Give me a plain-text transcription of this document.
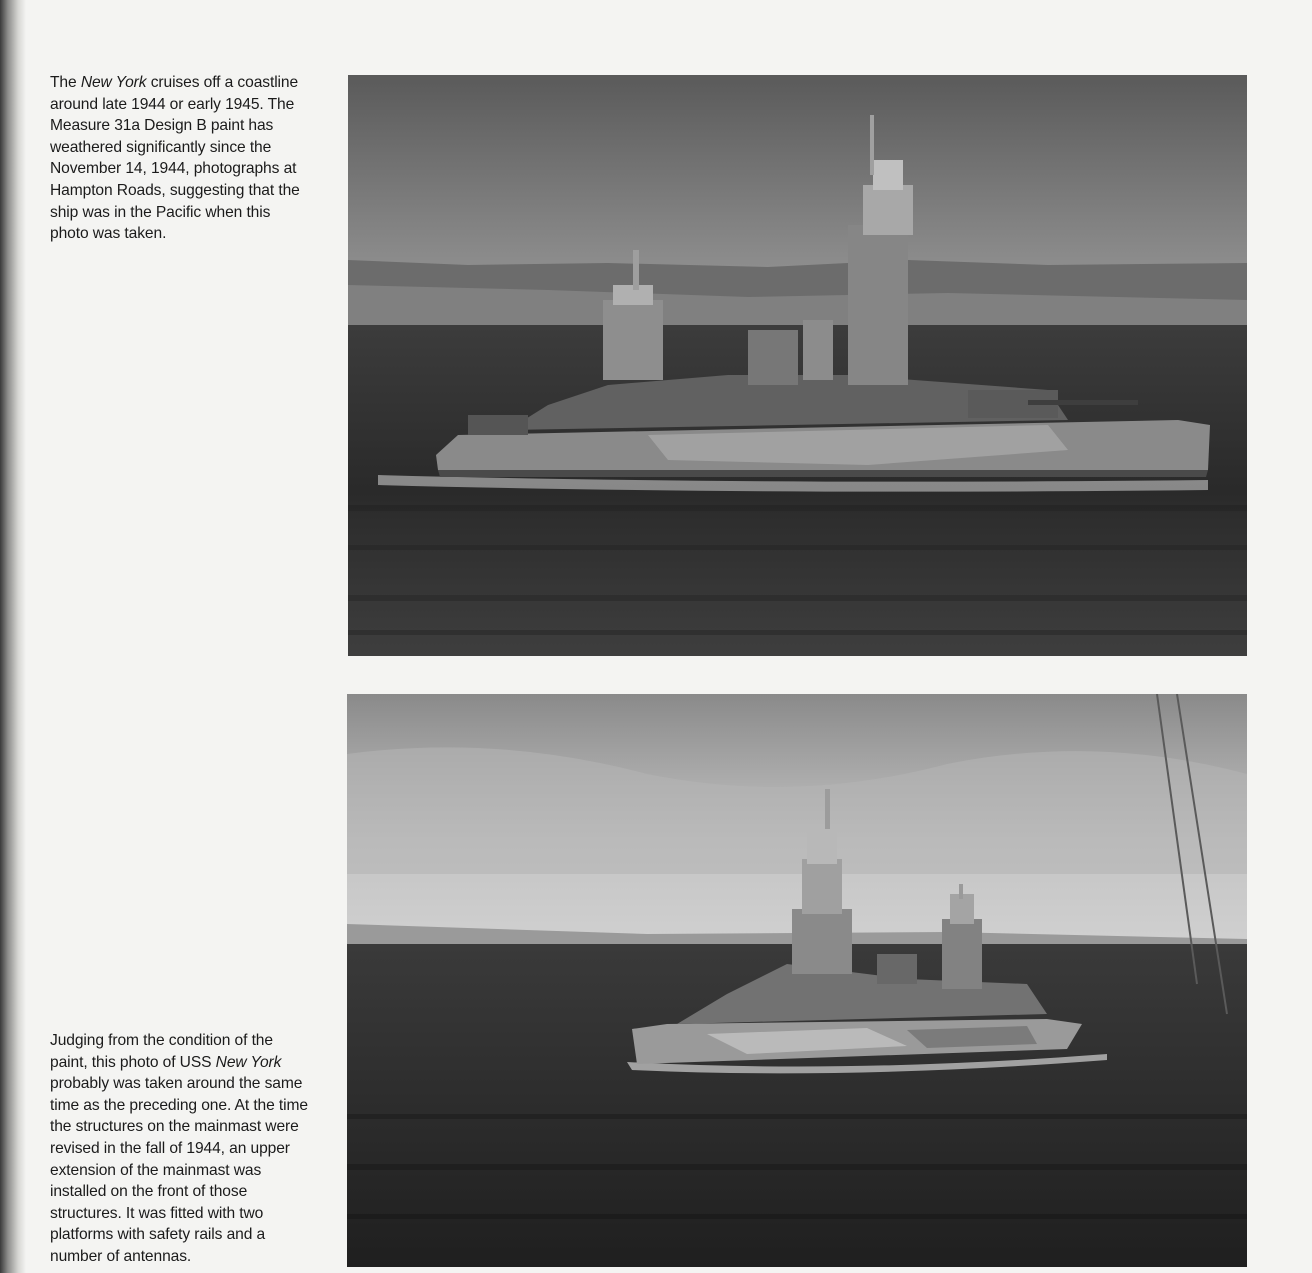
The New York cruises off a coastline around late 1944 or early 1945. The Measure 31a Design B paint has weathered significantly since the November 14, 1944, photographs at Hampton Roads, suggesting that the ship was in the Pacific when this photo was taken.

Judging from the condition of the paint, this photo of USS New York probably was taken around the same time as the preceding one. At the time the structures on the mainmast were revised in the fall of 1944, an upper extension of the mainmast was installed on the front of those structures. It was fitted with two platforms with safety rails and a number of antennas.
